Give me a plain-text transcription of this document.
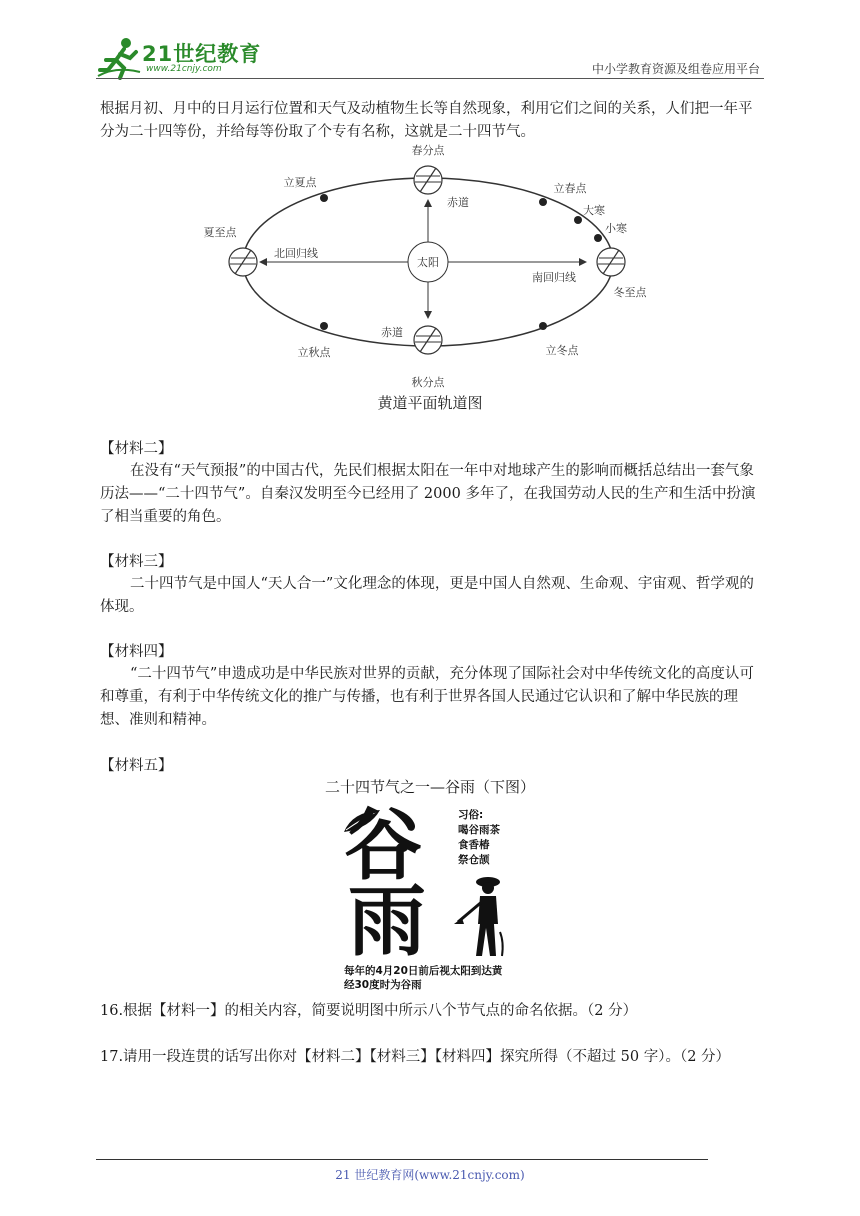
21世纪教育
www.21cnjy.com	中小学教育资源及组卷应用平台
根据月初、月中的日月运行位置和天气及动植物生长等自然现象，利用它们之间的关系，人们把一年平分为二十四等份，并给每等份取了个专有名称，这就是二十四节气。
太阳
春分点
立夏点	立春点
大寒
小寒
夏至点
冬至点
北回归线
南回归线
赤道
赤道
立秋点	立冬点
秋分点
黄道平面轨道图
【材料二】
在没有“天气预报”的中国古代，先民们根据太阳在一年中对地球产生的影响而概括总结出一套气象历法——“二十四节气”。自秦汉发明至今已经用了 2000 多年了，在我国劳动人民的生产和生活中扮演了相当重要的角色。
【材料三】
二十四节气是中国人“天人合一”文化理念的体现，更是中国人自然观、生命观、宇宙观、哲学观的体现。
【材料四】
“二十四节气”申遗成功是中华民族对世界的贡献，充分体现了国际社会对中华传统文化的高度认可和尊重，有利于中华传统文化的推广与传播，也有利于世界各国人民通过它认识和了解中华民族的理想、准则和精神。
【材料五】
二十四节气之一—谷雨（下图）
谷
雨
习俗:
喝谷雨茶
食香椿
祭仓颉
每年的4月20日前后视太阳到达黄
经30度时为谷雨
16.根据【材料一】的相关内容，简要说明图中所示八个节气点的命名依据。（2 分）
17.请用一段连贯的话写出你对【材料二】【材料三】【材料四】探究所得（不超过 50 字）。（2 分）
21 世纪教育网(www.21cnjy.com)
